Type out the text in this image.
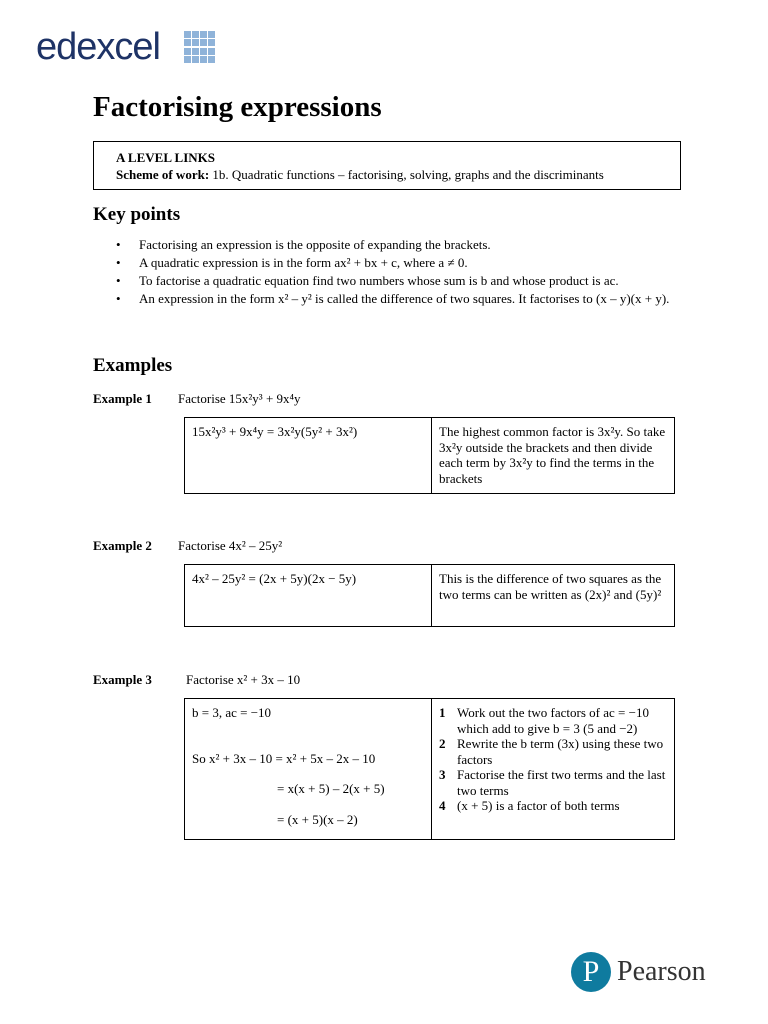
edexcel
Factorising expressions
A LEVEL LINKS
Scheme of work: 1b. Quadratic functions – factorising, solving, graphs and the discriminants
Key points
• Factorising an expression is the opposite of expanding the brackets.
• A quadratic expression is in the form ax² + bx + c, where a ≠ 0.
• To factorise a quadratic equation find two numbers whose sum is b and whose product is ac.
• An expression in the form x² – y² is called the difference of two squares. It factorises to (x – y)(x + y).
Examples
Example 1 Factorise 15x²y³ + 9x⁴y
15x²y³ + 9x⁴y = 3x²y(5y² + 3x²)	The highest common factor is 3x²y. So take 3x²y outside the brackets and then divide each term by 3x²y to find the terms in the brackets
Example 2 Factorise 4x² – 25y²
4x² – 25y² = (2x + 5y)(2x − 5y)	This is the difference of two squares as the two terms can be written as (2x)² and (5y)²
Example 3	Factorise x² + 3x – 10
b = 3, ac = −10
So x² + 3x – 10 = x² + 5x – 2x – 10
= x(x + 5) – 2(x + 5)
= (x + 5)(x – 2)

1 Work out the two factors of ac = −10 which add to give b = 3 (5 and −2)
2 Rewrite the b term (3x) using these two factors
3 Factorise the first two terms and the last two terms
4 (x + 5) is a factor of both terms
P Pearson
